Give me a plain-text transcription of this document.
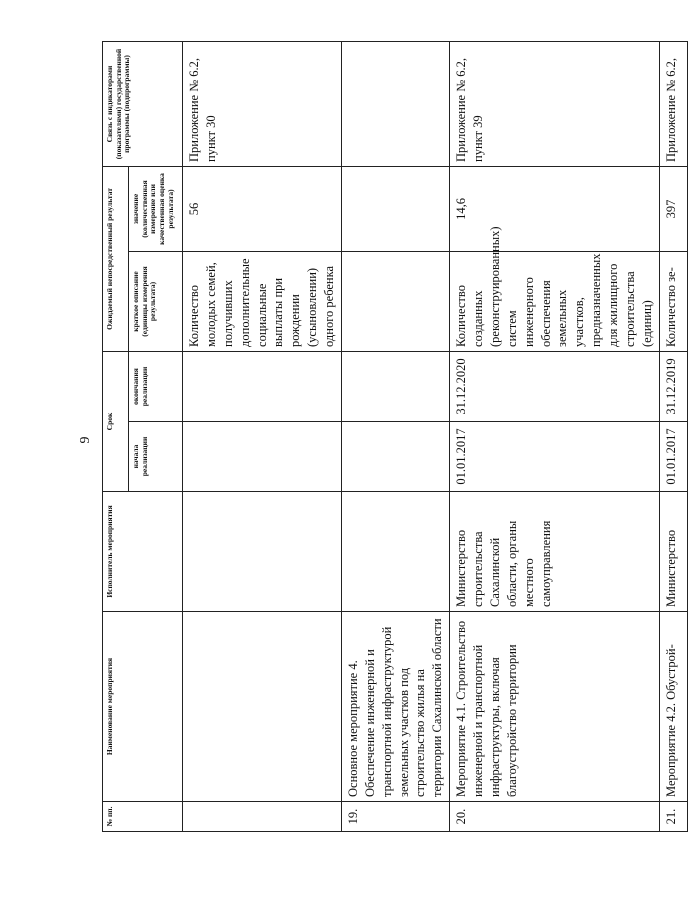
9
№ пп.	Наименование мероприятия	Исполнитель мероприятия	Срок		Ожидаемый непосредственный результат		Связь с индикаторами (показателями) государственной программы (подпрограммы)
			начала реализации	окончания реализации	краткое описание (единицы измерения результата)	значение (количественная измерение или качественная оценка результата)	

					Количество молодых семей, получивших дополнительные социальные выплаты при рождении (усыновлении) одного ребенка	56	Приложение № 6.2, пункт 30
19.	Основное мероприятие 4. Обеспечение инженерной и транспортной инфраструктурой земельных участков под строительство жилья на территории Сахалинской области						
20.	Мероприятие 4.1. Строительство инженерной и транспортной инфраструктуры, включая благоустройство территории	Министерство строительства Сахалинской области, органы местного самоуправления	01.01.2017	31.12.2020	Количество созданных (реконструированных) систем инженерного обеспечения земельных участков, предназначенных для жилищного строительства (единиц)	14,6	Приложение № 6.2, пункт 39
21.	Мероприятие 4.2. Обустрой-	Министерство	01.01.2017	31.12.2019	Количество зе-	397	Приложение № 6.2,
